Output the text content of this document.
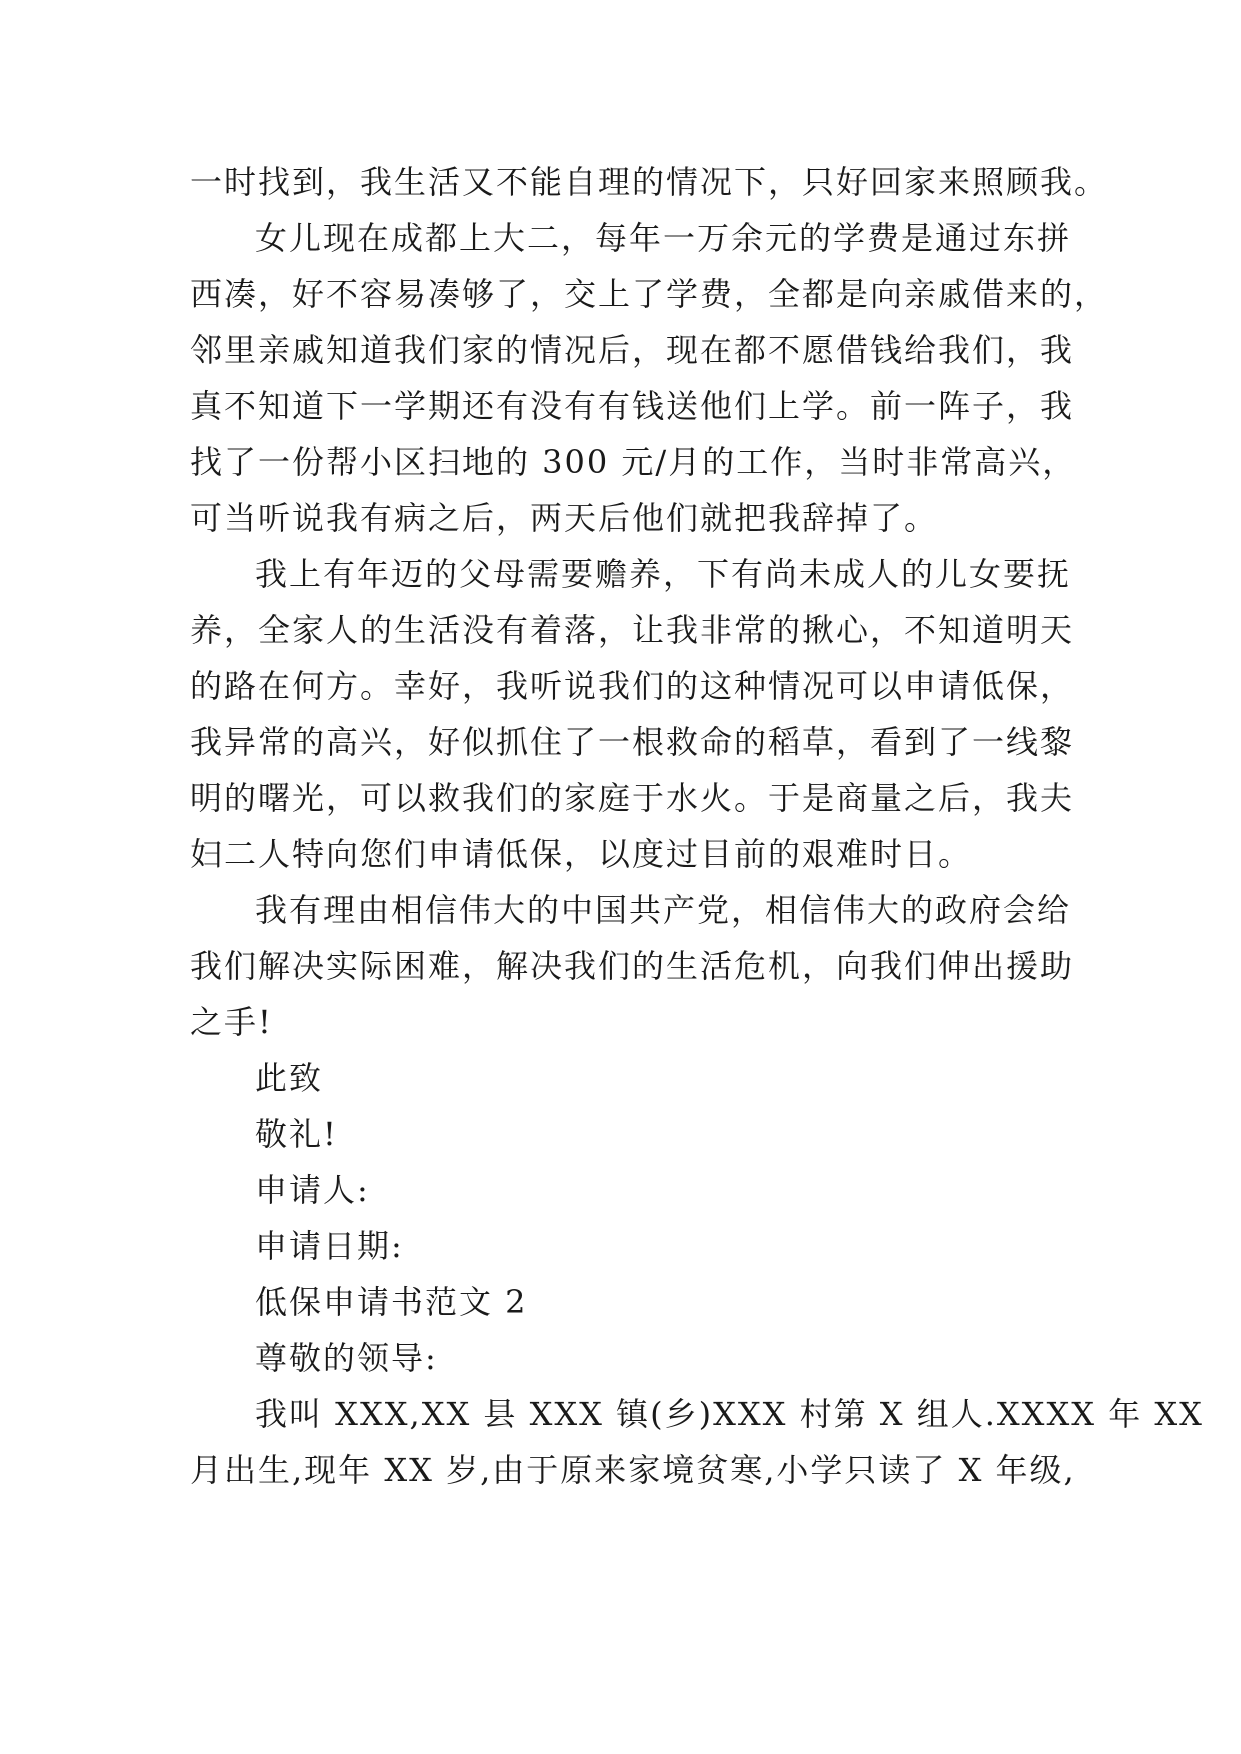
一时找到，我生活又不能自理的情况下，只好回家来照顾我。
女儿现在成都上大二，每年一万余元的学费是通过东拼
西凑，好不容易凑够了，交上了学费，全都是向亲戚借来的，
邻里亲戚知道我们家的情况后，现在都不愿借钱给我们，我
真不知道下一学期还有没有有钱送他们上学。前一阵子，我
找了一份帮小区扫地的 300 元/月的工作，当时非常高兴，
可当听说我有病之后，两天后他们就把我辞掉了。
我上有年迈的父母需要赡养，下有尚未成人的儿女要抚
养，全家人的生活没有着落，让我非常的揪心，不知道明天
的路在何方。幸好，我听说我们的这种情况可以申请低保，
我异常的高兴，好似抓住了一根救命的稻草，看到了一线黎
明的曙光，可以救我们的家庭于水火。于是商量之后，我夫
妇二人特向您们申请低保，以度过目前的艰难时日。
我有理由相信伟大的中国共产党，相信伟大的政府会给
我们解决实际困难，解决我们的生活危机，向我们伸出援助
之手!
此致
敬礼!
申请人:
申请日期:
低保申请书范文 2
尊敬的领导:
我叫 XXX,XX 县 XXX 镇(乡)XXX 村第 X 组人.XXXX 年 XX
月出生,现年 XX 岁,由于原来家境贫寒,小学只读了 X 年级,
